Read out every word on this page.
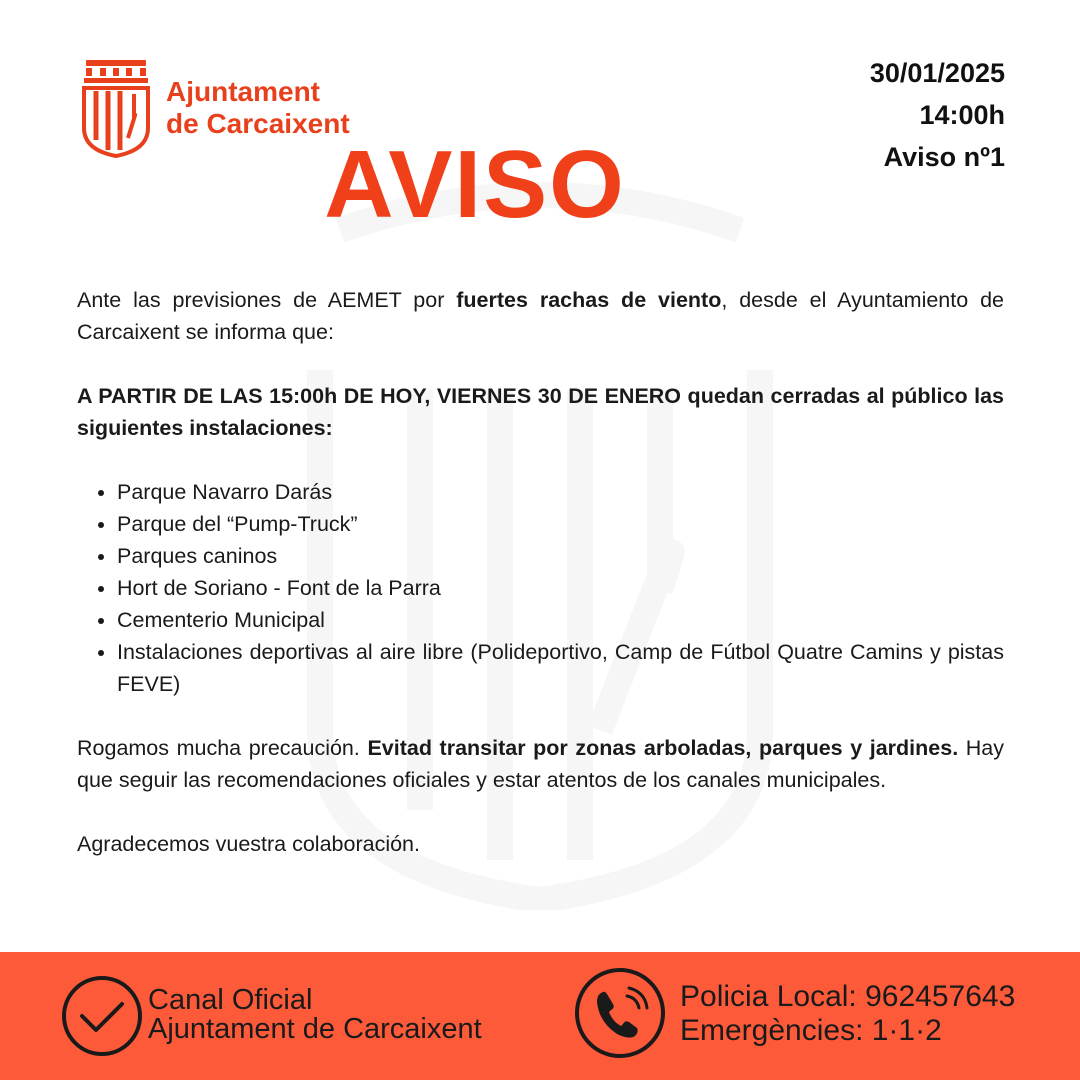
Ajuntament
de Carcaixent
30/01/2025
14:00h
Aviso nº1
AVISO

Ante las previsiones de AEMET por fuertes rachas de viento, desde el Ayuntamiento de Carcaixent se informa que:

A PARTIR DE LAS 15:00h DE HOY, VIERNES 30 DE ENERO quedan cerradas al público las siguientes instalaciones:

• Parque Navarro Darás
• Parque del “Pump-Truck”
• Parques caninos
• Hort de Soriano - Font de la Parra
• Cementerio Municipal
• Instalaciones deportivas al aire libre (Polideportivo, Camp de Fútbol Quatre Camins y pistas FEVE)

Rogamos mucha precaución. Evitad transitar por zonas arboladas, parques y jardines. Hay que seguir las recomendaciones oficiales y estar atentos de los canales municipales.

Agradecemos vuestra colaboración.

Canal Oficial
Ajuntament de Carcaixent
Policia Local: 962457643
Emergències: 1·1·2
